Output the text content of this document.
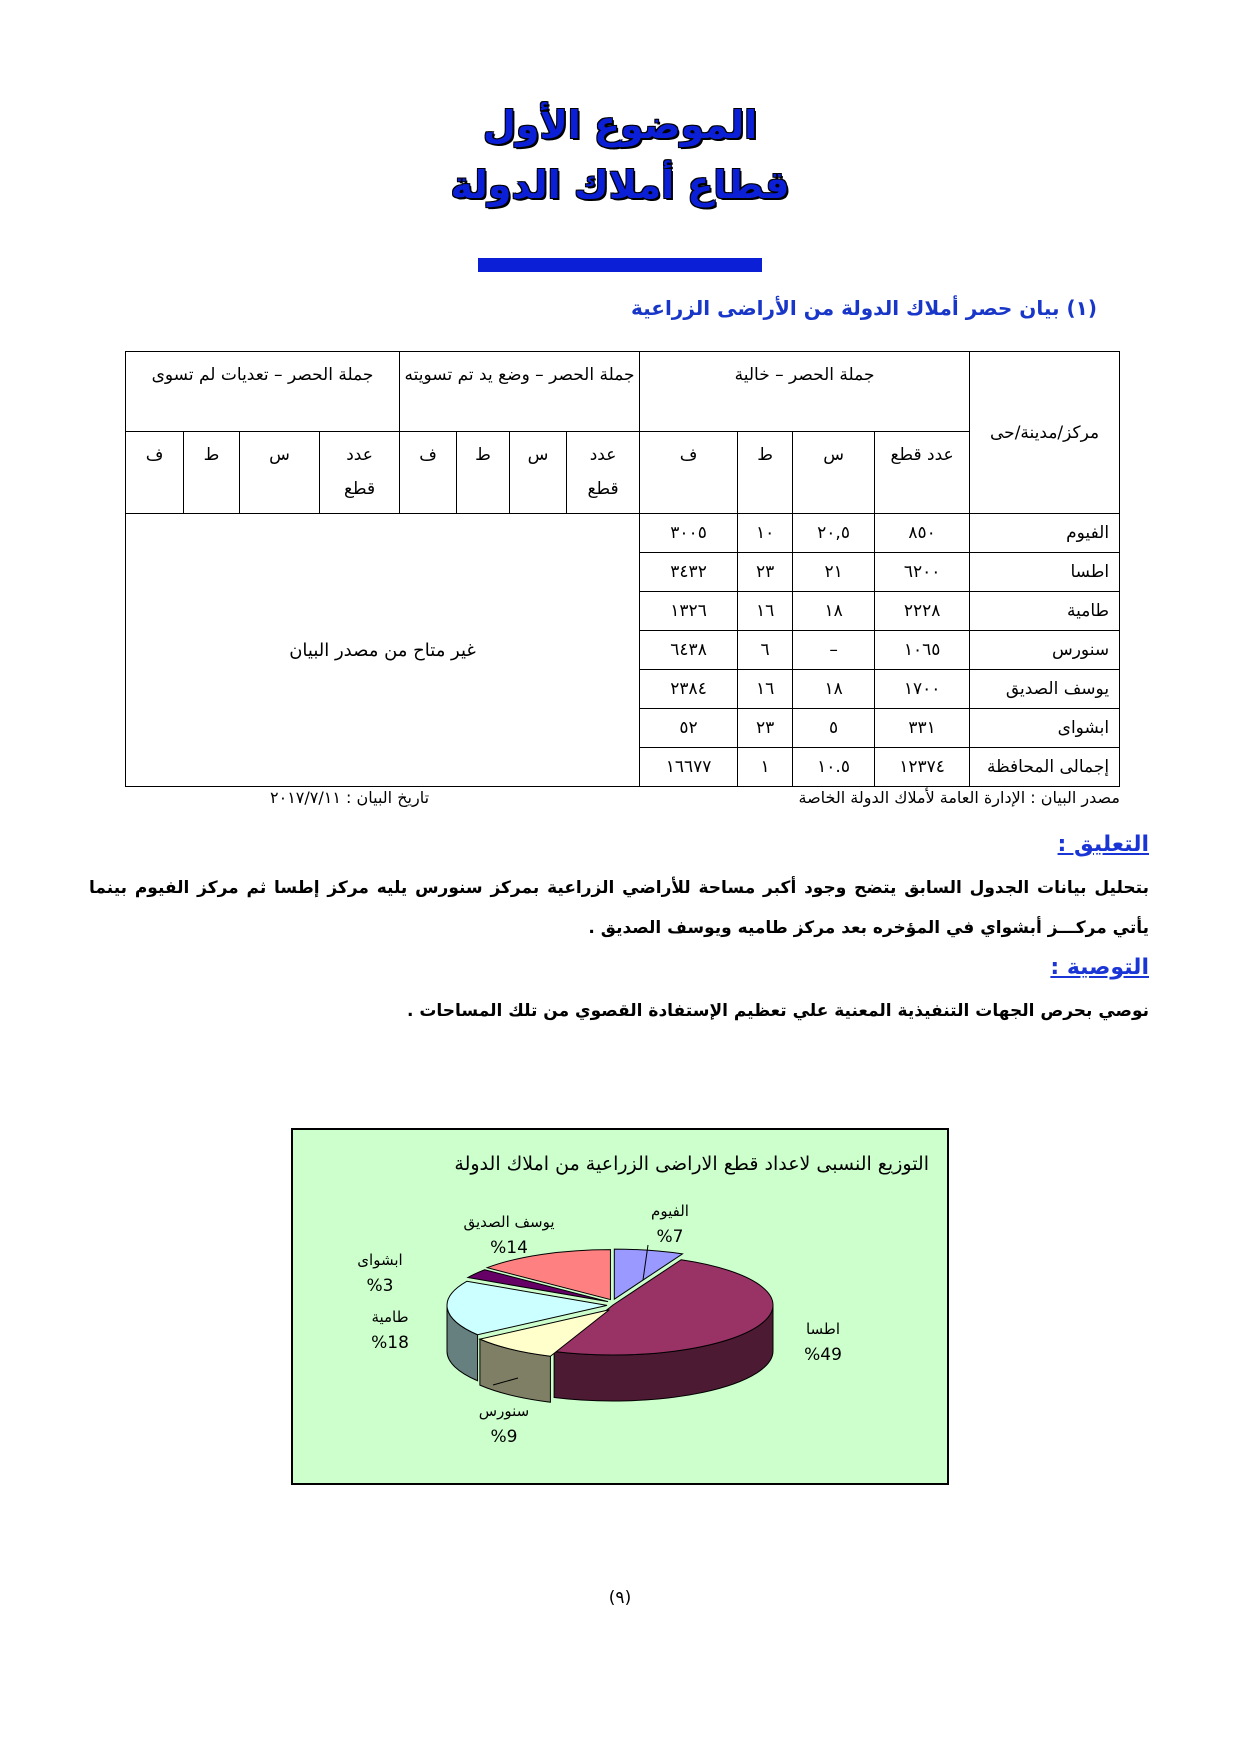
الموضوع الأول
قطاع أملاك الدولة
(١) بيان حصر أملاك الدولة من الأراضى الزراعية
مركز/مدينة/حى	جملة الحصر – خالية				جملة الحصر – وضع يد تم تسويته				جملة الحصر – تعديات لم تسوى			
	عدد قطع	س	ط	ف	عدد قطع	س	ط	ف	عدد قطع	س	ط	ف
الفيوم	٨٥٠	٢٠,٥	١٠	٣٠٠٥	غير متاح من مصدر البيان							
اطسا	٦٢٠٠	٢١	٢٣	٣٤٣٢								
طامية	٢٢٢٨	١٨	١٦	١٣٢٦								
سنورس	١٠٦٥	–	٦	٦٤٣٨								
يوسف الصديق	١٧٠٠	١٨	١٦	٢٣٨٤								
ابشواى	٣٣١	٥	٢٣	٥٢								
إجمالى المحافظة	١٢٣٧٤	١٠.٥	١	١٦٦٧٧								
مصدر البيان : الإدارة العامة لأملاك الدولة الخاصة
تاريخ البيان : ٢٠١٧/٧/١١
التعليق :
بتحليل بيانات الجدول السابق يتضح وجود أكبر مساحة للأراضي الزراعية بمركز سنورس يليه مركز إطسا ثم مركز الفيوم بينما يأتي مركـــز أبشواي في المؤخره بعد مركز طاميه ويوسف الصديق .
التوصية :
نوصي بحرص الجهات التنفيذية المعنية علي تعظيم الإستفادة القصوي من تلك المساحات .
التوزيع النسبى لاعداد قطع الاراضى الزراعية من املاك الدولة
الفيوم
%7
اطسا
%49
سنورس
%9
طامية
%18
ابشواى
%3
يوسف الصديق
%14
(٩)
